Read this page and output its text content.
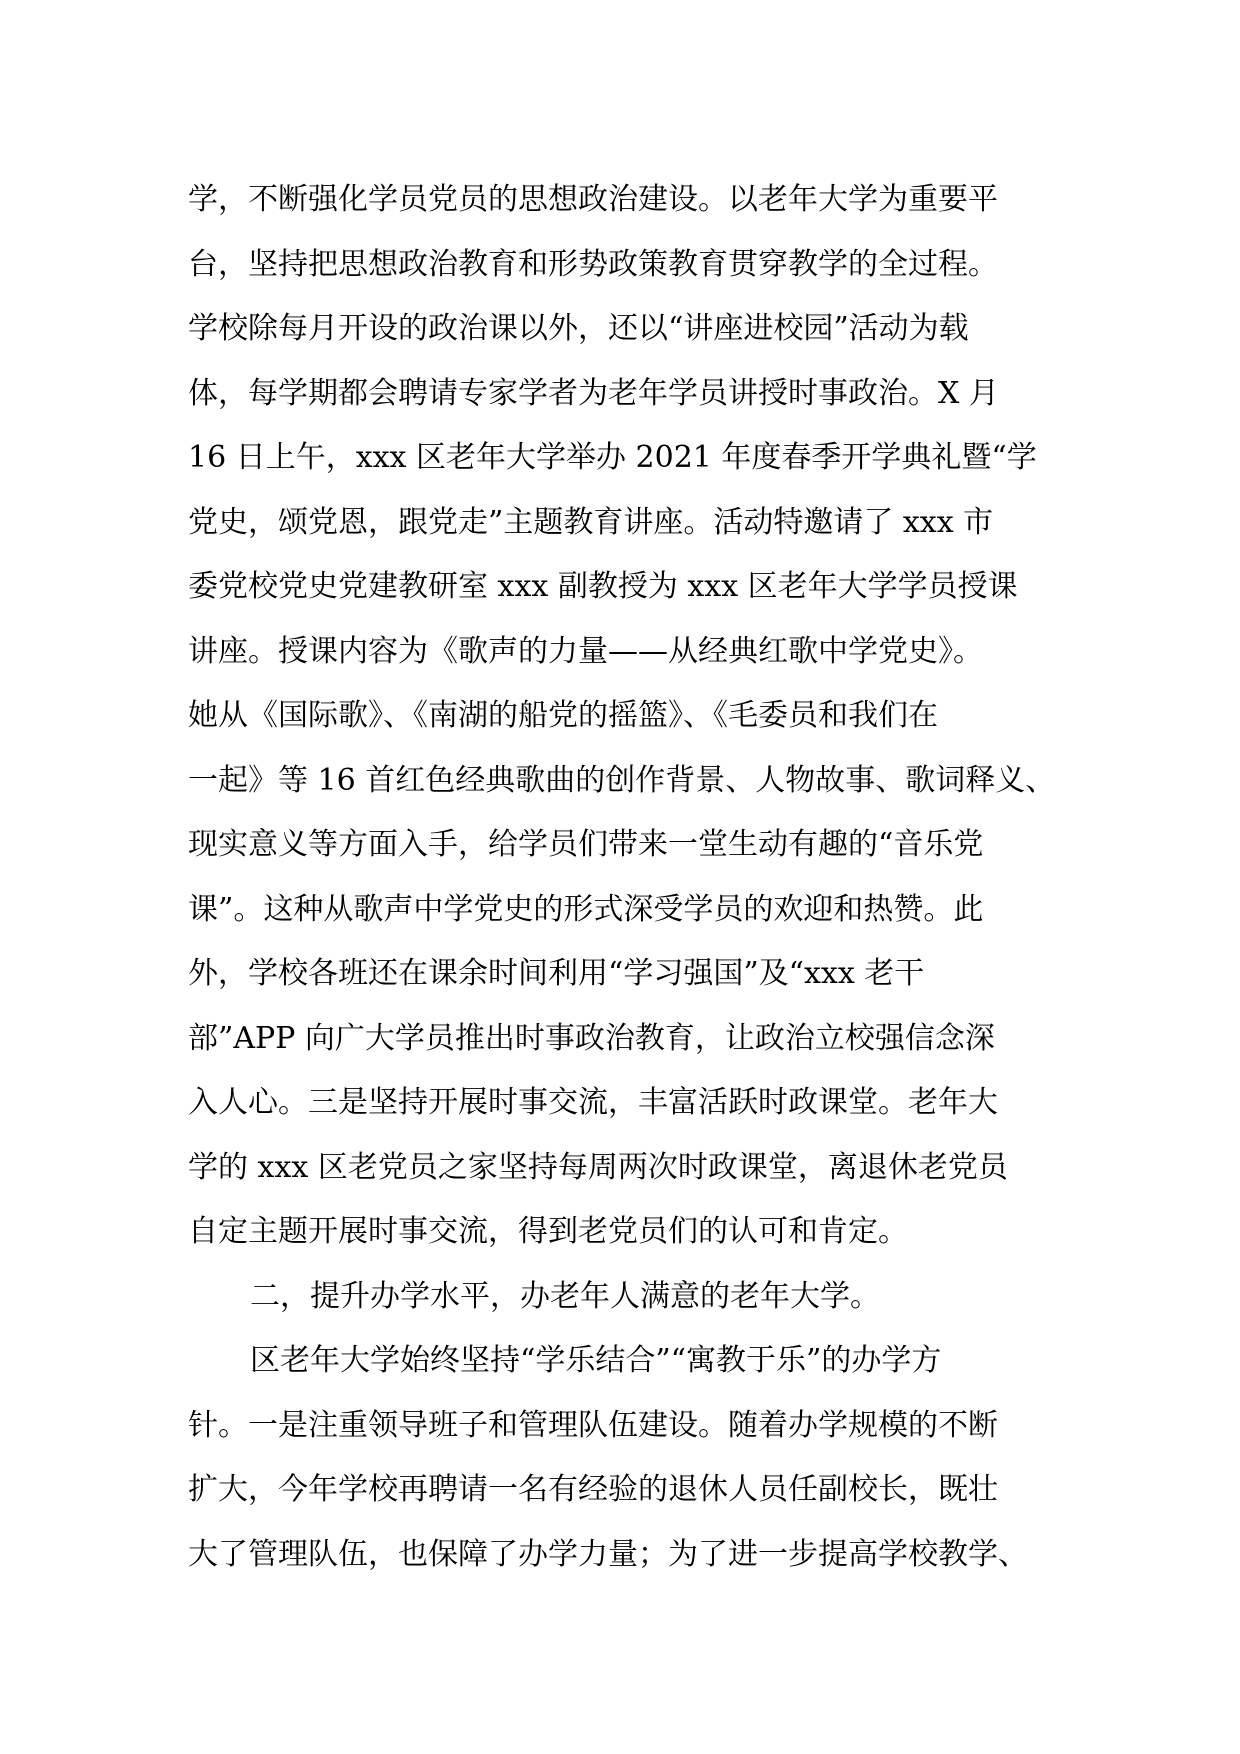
学，不断强化学员党员的思想政治建设。以老年大学为重要平
台，坚持把思想政治教育和形势政策教育贯穿教学的全过程。
学校除每月开设的政治课以外，还以“讲座进校园”活动为载
体，每学期都会聘请专家学者为老年学员讲授时事政治。X 月
16 日上午，xxx 区老年大学举办 2021 年度春季开学典礼暨“学
党史，颂党恩，跟党走”主题教育讲座。活动特邀请了 xxx 市
委党校党史党建教研室 xxx 副教授为 xxx 区老年大学学员授课
讲座。授课内容为《歌声的力量——从经典红歌中学党史》。
她从《国际歌》、《南湖的船党的摇篮》、《毛委员和我们在
一起》等 16 首红色经典歌曲的创作背景、人物故事、歌词释义、
现实意义等方面入手，给学员们带来一堂生动有趣的“音乐党
课”。这种从歌声中学党史的形式深受学员的欢迎和热赞。此
外，学校各班还在课余时间利用“学习强国”及“xxx 老干
部”APP 向广大学员推出时事政治教育，让政治立校强信念深
入人心。三是坚持开展时事交流，丰富活跃时政课堂。老年大
学的 xxx 区老党员之家坚持每周两次时政课堂，离退休老党员
自定主题开展时事交流，得到老党员们的认可和肯定。
二，提升办学水平，办老年人满意的老年大学。
区老年大学始终坚持“学乐结合”“寓教于乐”的办学方
针。一是注重领导班子和管理队伍建设。随着办学规模的不断
扩大，今年学校再聘请一名有经验的退休人员任副校长，既壮
大了管理队伍，也保障了办学力量；为了进一步提高学校教学、
